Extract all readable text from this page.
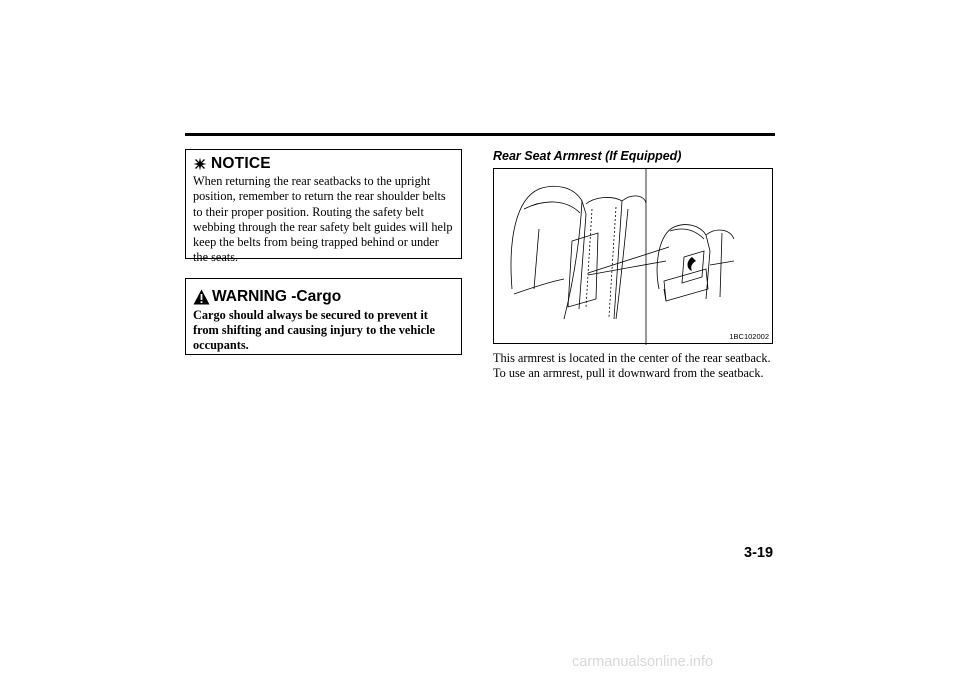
NOTICE
When returning the rear seatbacks to the upright position, remember to return the rear shoulder belts to their proper position. Routing the safety belt webbing through the rear safety belt guides will help keep the belts from being trapped behind or under the seats.
WARNING -Cargo
Cargo should always be secured to prevent it from shifting and causing injury to the vehicle occupants.
Rear Seat Armrest (If Equipped)
1BC102002
This armrest is located in the center of the rear seatback. To use an armrest, pull it downward from the seatback.
3-19
carmanualsonline.info
